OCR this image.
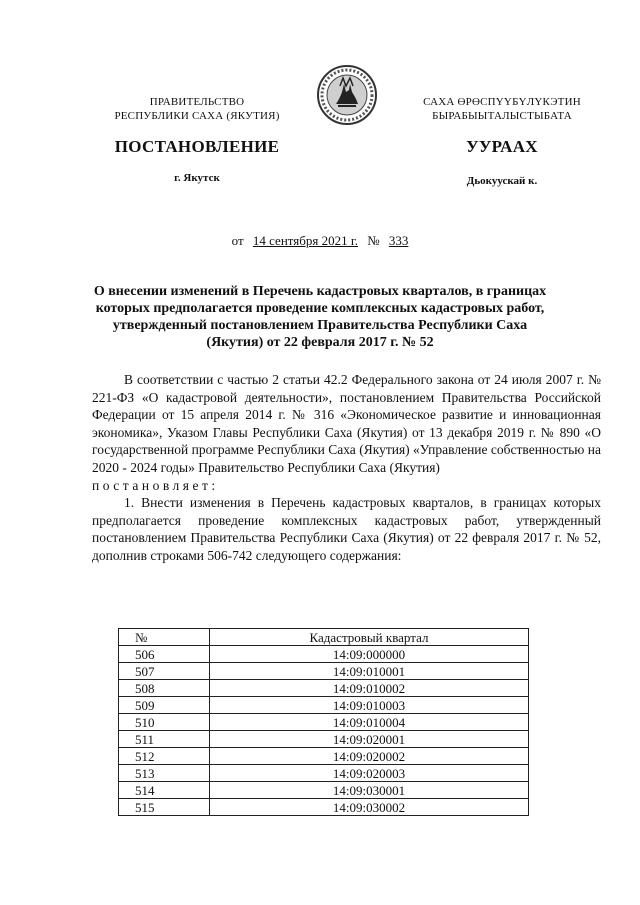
ПРАВИТЕЛЬСТВО
РЕСПУБЛИКИ САХА (ЯКУТИЯ)
САХА ӨРӨСПҮҮБҮЛҮКЭТИН
БЫРАБЫЫТАЛЫСТЫБАТА
ПОСТАНОВЛЕНИЕ	УУРААХ
г. Якутск	Дьокуускай к.
от 14 сентября 2021 г. № 333
О внесении изменений в Перечень кадастровых кварталов, в границах
которых предполагается проведение комплексных кадастровых работ,
утвержденный постановлением Правительства Республики Саха
(Якутия) от 22 февраля 2017 г. № 52

В соответствии с частью 2 статьи 42.2 Федерального закона от 24 июля 2007 г. № 221-ФЗ «О кадастровой деятельности», постановлением Правительства Российской Федерации от 15 апреля 2014 г. № 316 «Экономическое развитие и инновационная экономика», Указом Главы Республики Саха (Якутия) от 13 декабря 2019 г. № 890 «О государственной программе Республики Саха (Якутия) «Управление собственностью на 2020 - 2024 годы» Правительство Республики Саха (Якутия)

постановляет:

1. Внести изменения в Перечень кадастровых кварталов, в границах которых предполагается проведение комплексных кадастровых работ, утвержденный постановлением Правительства Республики Саха (Якутия) от 22 февраля 2017 г. № 52, дополнив строками 506-742 следующего содержания:

№	Кадастровый квартал
506	14:09:000000
507	14:09:010001
508	14:09:010002
509	14:09:010003
510	14:09:010004
511	14:09:020001
512	14:09:020002
513	14:09:020003
514	14:09:030001
515	14:09:030002
